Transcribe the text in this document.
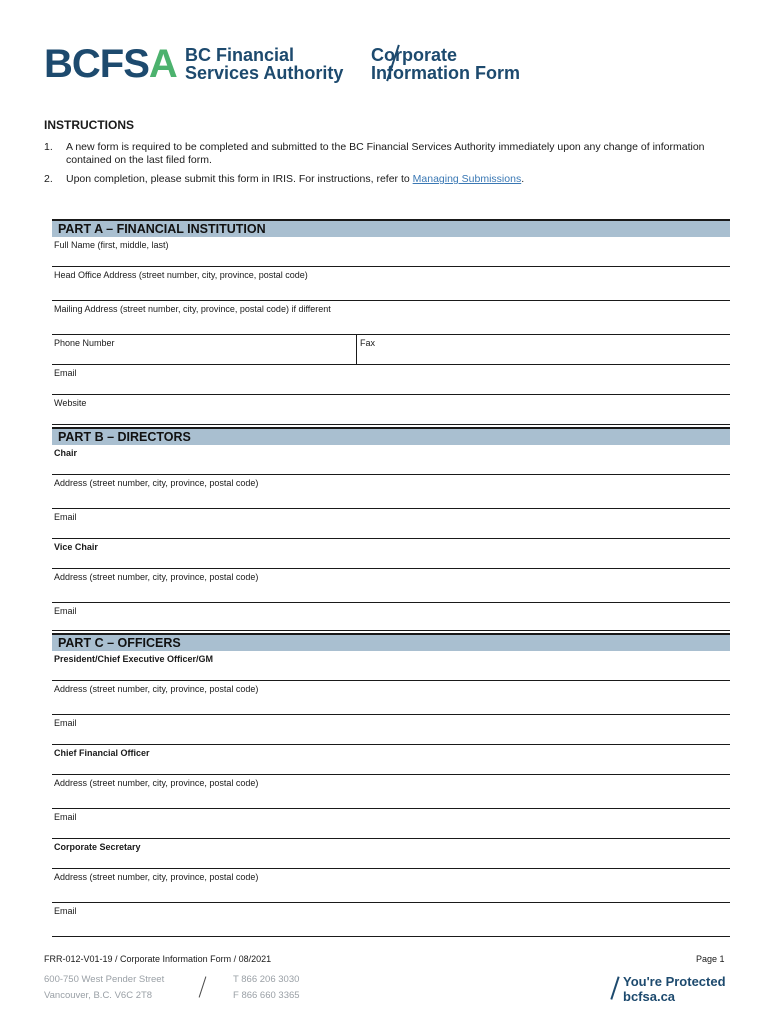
BCFSA BC Financial
Services Authority
Corporate
Information Form
INSTRUCTIONS
1. A new form is required to be completed and submitted to the BC Financial Services Authority immediately upon any change of information contained on the last filed form.
2. Upon completion, please submit this form in IRIS. For instructions, refer to Managing Submissions.
PART A – FINANCIAL INSTITUTION
Full Name (first, middle, last)
Head Office Address (street number, city, province, postal code)
Mailing Address (street number, city, province, postal code) if different
Phone Number	Fax
Email
Website
PART B – DIRECTORS
Chair
Address (street number, city, province, postal code)
Email
Vice Chair
Address (street number, city, province, postal code)
Email
PART C – OFFICERS
President/Chief Executive Officer/GM
Address (street number, city, province, postal code)
Email
Chief Financial Officer
Address (street number, city, province, postal code)
Email
Corporate Secretary
Address (street number, city, province, postal code)
Email
FRR-012-V01-19 / Corporate Information Form / 08/2021	Page 1
600-750 West Pender Street
Vancouver, B.C. V6C 2T8
T 866 206 3030
F 866 660 3365
You're Protected
bcfsa.ca
